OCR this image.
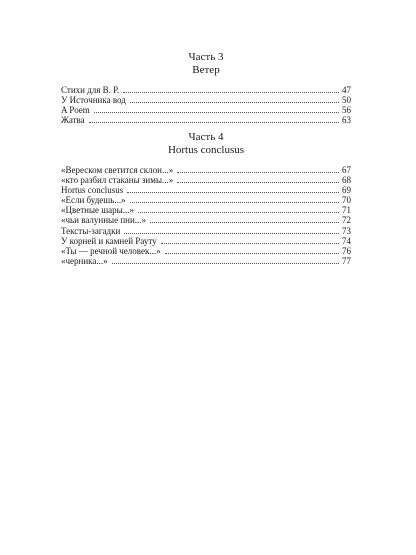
Часть 3
Ветер
Стихи для В. Р.	47
У Источника вод	50
A Poem	56
Жатва	63
Часть 4
Hortus conclusus
«Вереском светится склон...»	67
«кто разбил стаканы зимы...»	68
Hortus conclusus	69
«Если будешь...»	70
«Цветные шары...»	71
«чьи валунные пни...»	72
Тексты-загадки	73
У корней и камней Рауту	74
«Ты — речной человек...»	76
«черника...»	77
